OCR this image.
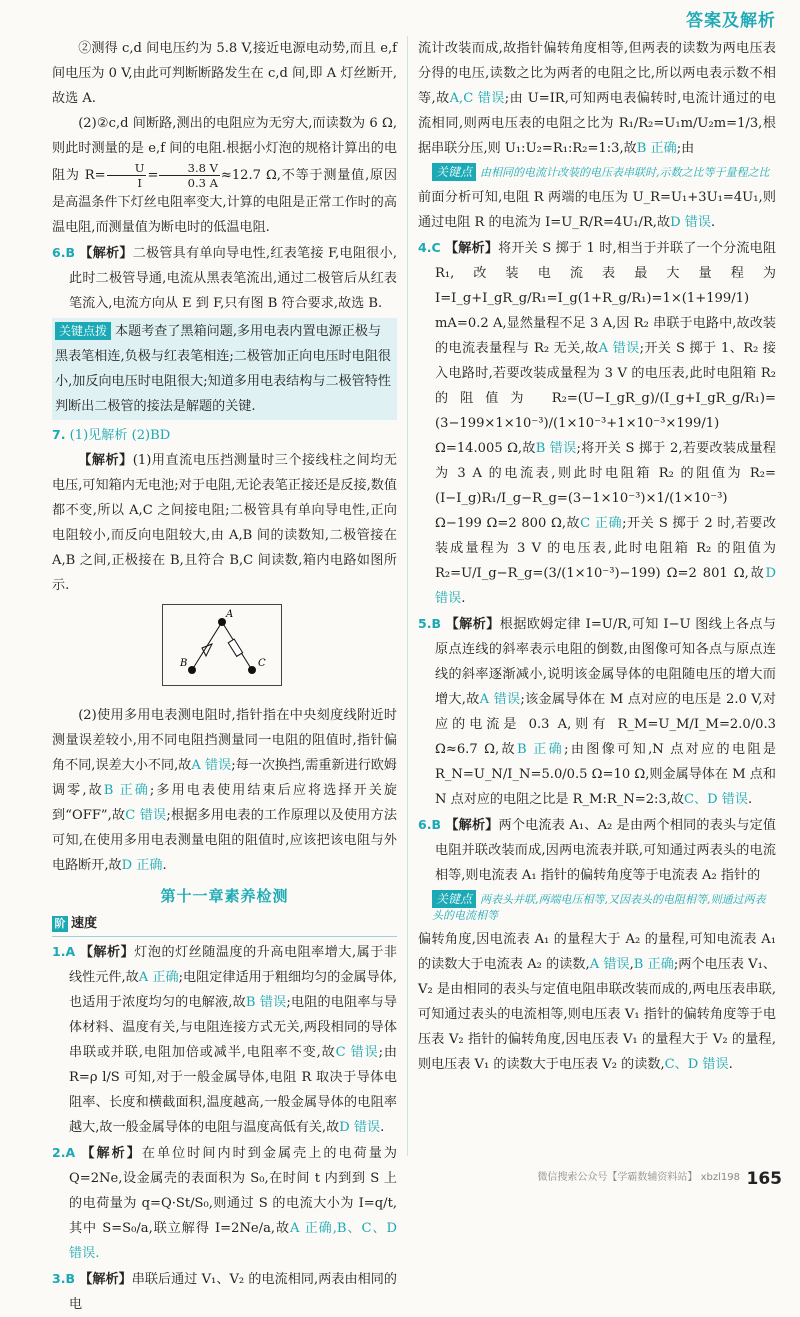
答案及解析

②测得 c,d 间电压约为 5.8 V,接近电源电动势,而且 e,f 间电压为 0 V,由此可判断断路发生在 c,d 间,即 A 灯丝断开,故选 A.

(2)②c,d 间断路,测出的电阻应为无穷大,而读数为 6 Ω,则此时测量的是 e,f 间的电阻.根据小灯泡的规格计算出的电阻为 $R= \frac{U}{I} = \frac{3.8 V}{0.3 A} \approx 12.7$ Ω,不等于测量值,原因是高温条件下灯丝电阻率变大,计算的电阻是正常工作时的高温电阻,而测量值为断电时的低温电阻.

6.B 【解析】二极管具有单向导电性,红表笔接 F,电阻很小,此时二极管导通,电流从黑表笔流出,通过二极管后从红表笔流入,电流方向从 E 到 F,只有图 B 符合要求,故选 B.

关键点拨 本题考查了黑箱问题,多用电表内置电源正极与黑表笔相连,负极与红表笔相连;二极管加正向电压时电阻很小,加反向电压时电阻很大;知道多用电表结构与二极管特性判断出二极管的接法是解题的关键.

7. (1)见解析 (2)BD

【解析】(1)用直流电压挡测量时三个接线柱之间均无电压,可知箱内无电池;对于电阻,无论表笔正接还是反接,数值都不变,所以 A,C 之间接电阻;二极管具有单向导电性,正向电阻较小,而反向电阻较大,由 A,B 间的读数知,二极管接在 A,B 之间,正极接在 B,且符合 B,C 间读数,箱内电路如图所示.

A
B	C

(2)使用多用电表测电阻时,指针指在中央刻度线附近时测量误差较小,用不同电阻挡测量同一电阻的阻值时,指针偏角不同,误差大小不同,故A 错误;每一次换挡,需重新进行欧姆调零,故B 正确;多用电表使用结束后应将选择开关旋到“OFF”,故C 错误;根据多用电表的工作原理以及使用方法可知,在使用多用电表测量电阻的阻值时,应该把该电阻与外电路断开,故D 正确.

第十一章素养检测
阶 速度

1.A 【解析】灯泡的灯丝随温度的升高电阻率增大,属于非线性元件,故A 正确;电阻定律适用于粗细均匀的金属导体,也适用于浓度均匀的电解液,故B 错误;电阻的电阻率与导体材料、温度有关,与电阻连接方式无关,两段相同的导体串联或并联,电阻加倍或减半,电阻率不变,故C 错误;由 R=ρ l/S 可知,对于一般金属导体,电阻 R 取决于导体电阻率、长度和横截面积,温度越高,一般金属导体的电阻率越大,故一般金属导体的电阻与温度高低有关,故D 错误.

2.A 【解析】在单位时间内时到金属壳上的电荷量为 Q=2Ne,设金属壳的表面积为 S₀,在时间 t 内到到 S 上的电荷量为 q=Q·St/S₀,则通过 S 的电流大小为 I=q/t,其中 S=S₀/a,联立解得 I=2Ne/a,故A 正确,B、C、D 错误.

3.B 【解析】串联后通过 V₁、V₂ 的电流相同,两表由相同的电

流计改装而成,故指针偏转角度相等,但两表的读数为两电压表分得的电压,读数之比为两者的电阻之比,所以两电表示数不相等,故A,C 错误;由 U=IR,可知两电表偏转时,电流计通过的电流相同,则两电压表的电阻之比为 R₁/R₂=U₁m/U₂m=1/3,根据串联分压,则 U₁:U₂=R₁:R₂=1:3,故B 正确;由

关键点 由相同的电流计改装的电压表串联时,示数之比等于量程之比

前面分析可知,电阻 R 两端的电压为 U_R=U₁+3U₁=4U₁,则通过电阻 R 的电流为 I=U_R/R=4U₁/R,故D 错误.

4.C 【解析】将开关 S 掷于 1 时,相当于并联了一个分流电阻 R₁,改装电流表最大量程为 I=I_g+I_gR_g/R₁=I_g(1+R_g/R₁)=1×(1+199/1) mA=0.2 A,显然量程不足 3 A,因 R₂ 串联于电路中,故改装的电流表量程与 R₂ 无关,故A 错误;开关 S 掷于 1、R₂ 接入电路时,若要改装成量程为 3 V 的电压表,此时电阻箱 R₂ 的阻值为 R₂=(U−I_gR_g)/(I_g+I_gR_g/R₁)=(3−199×1×10⁻³)/(1×10⁻³+1×10⁻³×199/1) Ω=14.005 Ω,故B 错误;将开关 S 掷于 2,若要改装成量程为 3 A 的电流表,则此时电阻箱 R₂ 的阻值为 R₂=(I−I_g)R₁/I_g−R_g=(3−1×10⁻³)×1/(1×10⁻³) Ω−199 Ω=2 800 Ω,故C 正确;开关 S 掷于 2 时,若要改装成量程为 3 V 的电压表,此时电阻箱 R₂ 的阻值为 R₂=U/I_g−R_g=(3/(1×10⁻³)−199) Ω=2 801 Ω,故D 错误.

5.B 【解析】根据欧姆定律 I=U/R,可知 I−U 图线上各点与原点连线的斜率表示电阻的倒数,由图像可知各点与原点连线的斜率逐渐减小,说明该金属导体的电阻随电压的增大而增大,故A 错误;该金属导体在 M 点对应的电压是 2.0 V,对应的电流是 0.3 A,则有 R_M=U_M/I_M=2.0/0.3 Ω≈6.7 Ω,故B 正确;由图像可知,N 点对应的电阻是 R_N=U_N/I_N=5.0/0.5 Ω=10 Ω,则金属导体在 M 点和 N 点对应的电阻之比是 R_M:R_N=2:3,故C、D 错误.

6.B 【解析】两个电流表 A₁、A₂ 是由两个相同的表头与定值电阻并联改装而成,因两电流表并联,可知通过两表头的电流相等,则电流表 A₁ 指针的偏转角度等于电流表 A₂ 指针的

关键点 两表头并联,两端电压相等,又因表头的电阻相等,则通过两表头的电流相等

偏转角度,因电流表 A₁ 的量程大于 A₂ 的量程,可知电流表 A₁ 的读数大于电流表 A₂ 的读数,A 错误,B 正确;两个电压表 V₁、V₂ 是由相同的表头与定值电阻串联改装而成的,两电压表串联,可知通过表头的电流相等,则电压表 V₁ 指针的偏转角度等于电压表 V₂ 指针的偏转角度,因电压表 V₁ 的量程大于 V₂ 的量程,则电压表 V₁ 的读数大于电压表 V₂ 的读数,C、D 错误.

微信搜索公众号【学霸数辅资料站】 xbzl198 165
